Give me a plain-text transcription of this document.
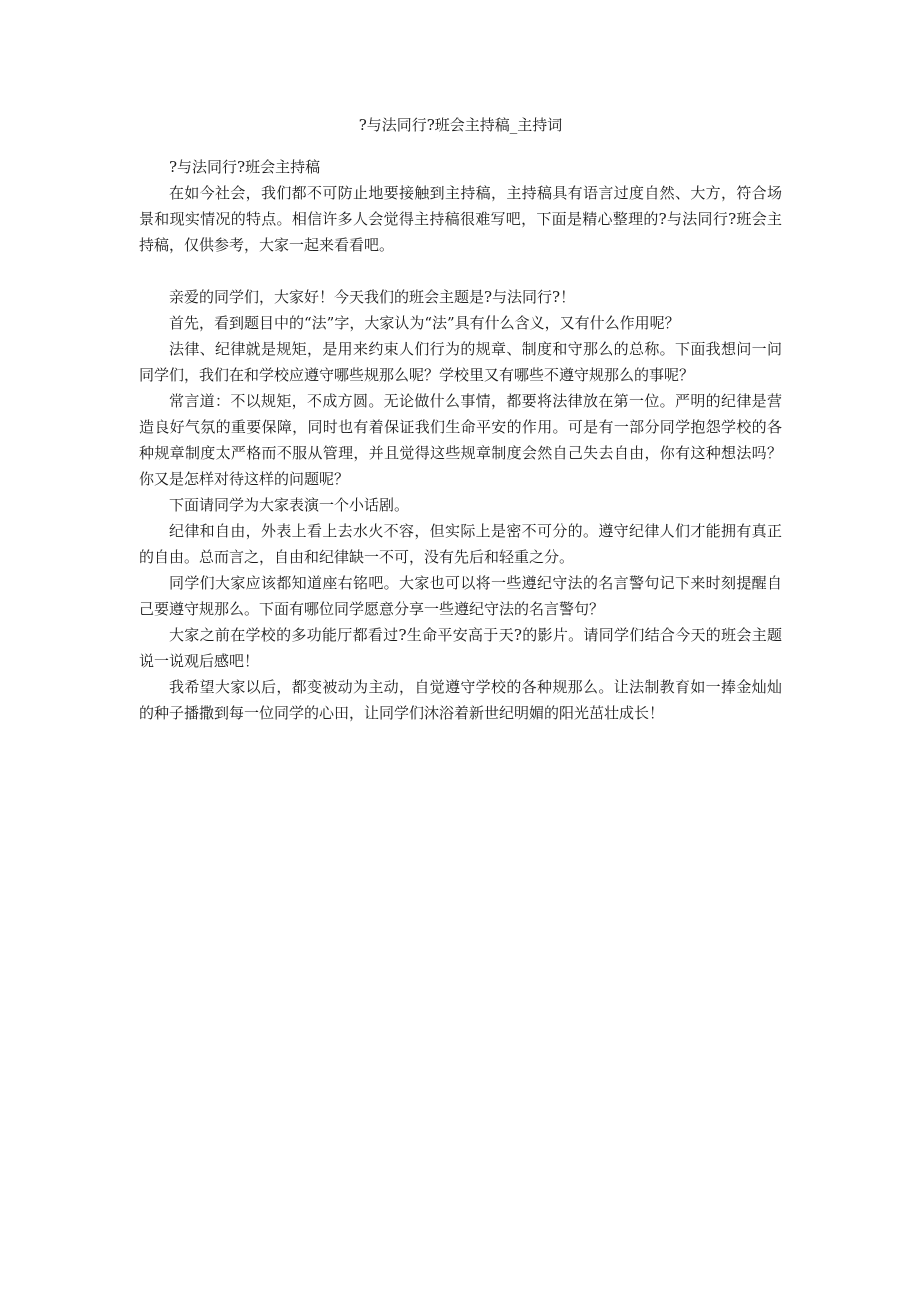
?与法同行?班会主持稿_主持词

?与法同行?班会主持稿

在如今社会，我们都不可防止地要接触到主持稿，主持稿具有语言过度自然、大方，符合场景和现实情况的特点。相信许多人会觉得主持稿很难写吧，下面是精心整理的?与法同行?班会主持稿，仅供参考，大家一起来看看吧。

亲爱的同学们，大家好！今天我们的班会主题是?与法同行?！

首先，看到题目中的“法”字，大家认为“法”具有什么含义，又有什么作用呢？

法律、纪律就是规矩，是用来约束人们行为的规章、制度和守那么的总称。下面我想问一问同学们，我们在和学校应遵守哪些规那么呢？学校里又有哪些不遵守规那么的事呢？

常言道：不以规矩，不成方圆。无论做什么事情，都要将法律放在第一位。严明的纪律是营造良好气氛的重要保障，同时也有着保证我们生命平安的作用。可是有一部分同学抱怨学校的各种规章制度太严格而不服从管理，并且觉得这些规章制度会然自己失去自由，你有这种想法吗？你又是怎样对待这样的问题呢？

下面请同学为大家表演一个小话剧。

纪律和自由，外表上看上去水火不容，但实际上是密不可分的。遵守纪律人们才能拥有真正的自由。总而言之，自由和纪律缺一不可，没有先后和轻重之分。

同学们大家应该都知道座右铭吧。大家也可以将一些遵纪守法的名言警句记下来时刻提醒自己要遵守规那么。下面有哪位同学愿意分享一些遵纪守法的名言警句？

大家之前在学校的多功能厅都看过?生命平安高于天?的影片。请同学们结合今天的班会主题说一说观后感吧！

我希望大家以后，都变被动为主动，自觉遵守学校的各种规那么。让法制教育如一捧金灿灿的种子播撒到每一位同学的心田，让同学们沐浴着新世纪明媚的阳光茁壮成长！
